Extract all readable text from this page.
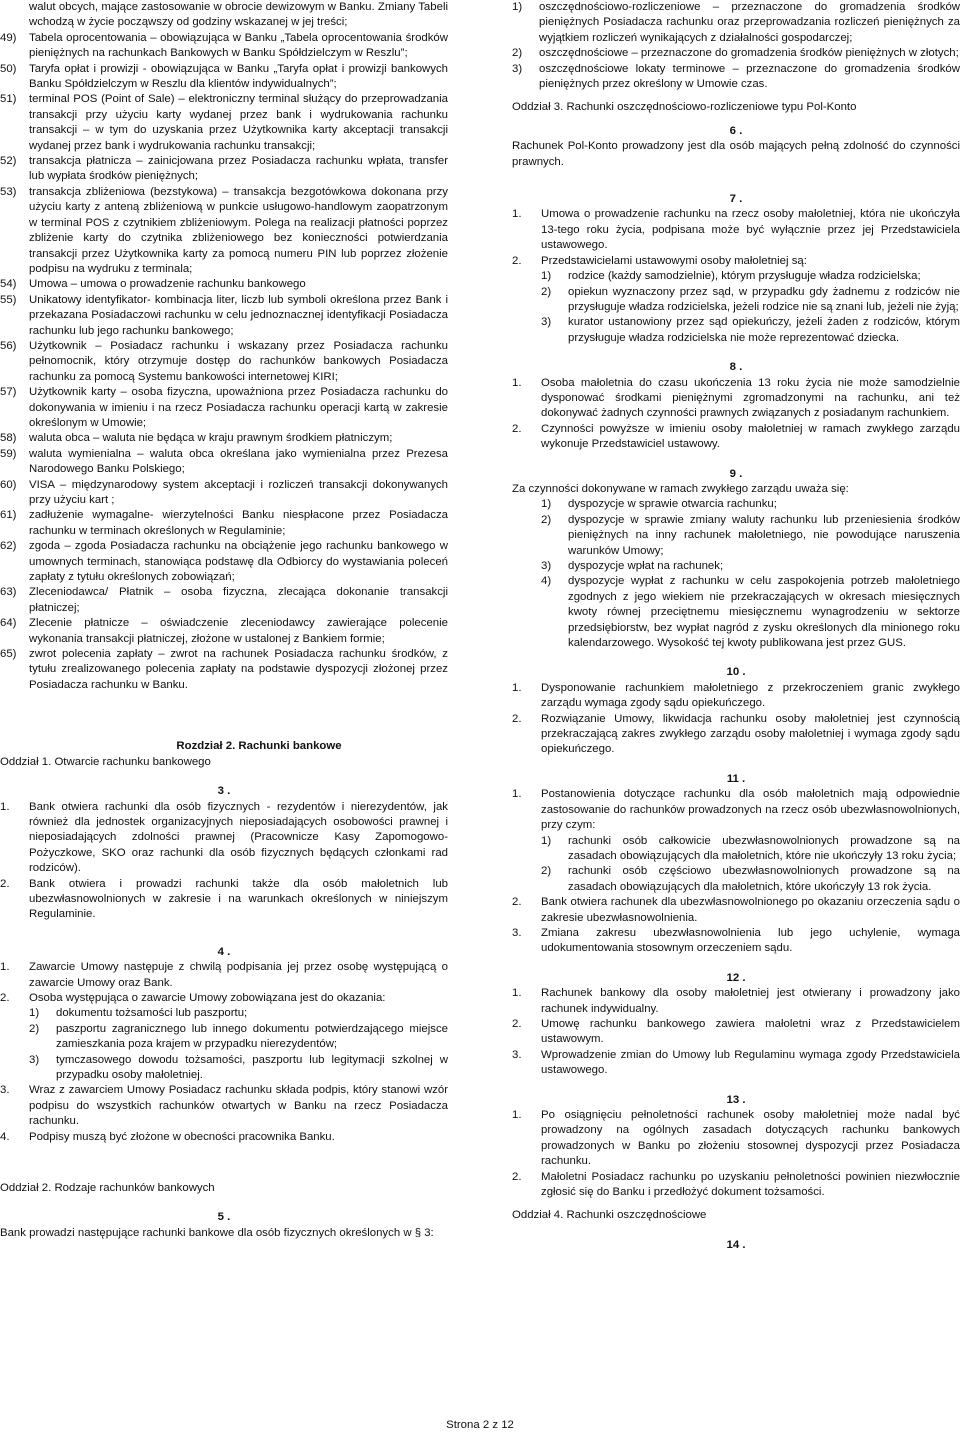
walut obcych, mające zastosowanie w obrocie dewizowym w Banku. Zmiany Tabeli wchodzą w życie począwszy od godziny wskazanej w jej treści;

49)	Tabela oprocentowania – obowiązująca w Banku „Tabela oprocentowania środków pieniężnych na rachunkach Bankowych w Banku Spółdzielczym w Reszlu”;
50)	Taryfa opłat i prowizji - obowiązująca w Banku „Taryfa opłat i prowizji bankowych Banku Spółdzielczym w Reszlu dla klientów indywidualnych”;
51)	terminal POS (Point of Sale) – elektroniczny terminal służący do przeprowadzania transakcji przy użyciu karty wydanej przez bank i wydrukowania rachunku transakcji – w tym do uzyskania przez Użytkownika karty akceptacji transakcji wydanej przez bank i wydrukowania rachunku transakcji;
52)	transakcja płatnicza – zainicjowana przez Posiadacza rachunku wpłata, transfer lub wypłata środków pieniężnych;
53)	transakcja zbliżeniowa (bezstykowa) – transakcja bezgotówkowa dokonana przy użyciu karty z anteną zbliżeniową w punkcie usługowo-handlowym zaopatrzonym w terminal POS z czytnikiem zbliżeniowym. Polega na realizacji płatności poprzez zbliżenie karty do czytnika zbliżeniowego bez konieczności potwierdzania transakcji przez Użytkownika karty za pomocą numeru PIN lub poprzez złożenie podpisu na wydruku z terminala;
54)	Umowa – umowa o prowadzenie rachunku bankowego
55)	Unikatowy identyfikator- kombinacja liter, liczb lub symboli określona przez Bank i przekazana Posiadaczowi rachunku w celu jednoznacznej identyfikacji Posiadacza rachunku lub jego rachunku bankowego;
56)	Użytkownik – Posiadacz rachunku i wskazany przez Posiadacza rachunku pełnomocnik, który otrzymuje dostęp do rachunków bankowych Posiadacza rachunku za pomocą Systemu bankowości internetowej KIRI;
57)	Użytkownik karty – osoba fizyczna, upoważniona przez Posiadacza rachunku do dokonywania w imieniu i na rzecz Posiadacza rachunku operacji kartą w zakresie określonym w Umowie;
58)	waluta obca – waluta nie będąca w kraju prawnym środkiem płatniczym;
59)	waluta wymienialna – waluta obca określana jako wymienialna przez Prezesa Narodowego Banku Polskiego;
60)	VISA – międzynarodowy system akceptacji i rozliczeń transakcji dokonywanych przy użyciu kart ;
61)	zadłużenie wymagalne- wierzytelności Banku niespłacone przez Posiadacza rachunku w terminach określonych w Regulaminie;
62)	zgoda – zgoda Posiadacza rachunku na obciążenie jego rachunku bankowego w umownych terminach, stanowiąca podstawę dla Odbiorcy do wystawiania poleceń zapłaty z tytułu określonych zobowiązań;
63)	Zleceniodawca/ Płatnik – osoba fizyczna, zlecająca dokonanie transakcji płatniczej;
64)	Zlecenie płatnicze – oświadczenie zleceniodawcy zawierające polecenie wykonania transakcji płatniczej, złożone w ustalonej z Bankiem formie;
65)	zwrot polecenia zapłaty – zwrot na rachunek Posiadacza rachunku środków, z tytułu zrealizowanego polecenia zapłaty na podstawie dyspozycji złożonej przez Posiadacza rachunku w Banku.

Rozdział 2. Rachunki bankowe

Oddział 1. Otwarcie rachunku bankowego

3 .

1.	Bank otwiera rachunki dla osób fizycznych - rezydentów i nierezydentów, jak również dla jednostek organizacyjnych nieposiadających osobowości prawnej i nieposiadających zdolności prawnej (Pracownicze Kasy Zapomogowo-Pożyczkowe, SKO oraz rachunki dla osób fizycznych będących członkami rad rodziców).
2.	Bank otwiera i prowadzi rachunki także dla osób małoletnich lub ubezwłasnowolnionych w zakresie i na warunkach określonych w niniejszym Regulaminie.

4 .

1.	Zawarcie Umowy następuje z chwilą podpisania jej przez osobę występującą o zawarcie Umowy oraz Bank.
2.	Osoba występująca o zawarcie Umowy zobowiązana jest do okazania:
1)	dokumentu tożsamości lub paszportu;
2)	paszportu zagranicznego lub innego dokumentu potwierdzającego miejsce zamieszkania poza krajem w przypadku nierezydentów;
3)	tymczasowego dowodu tożsamości, paszportu lub legitymacji szkolnej w przypadku osoby małoletniej.
3.	Wraz z zawarciem Umowy Posiadacz rachunku składa podpis, który stanowi wzór podpisu do wszystkich rachunków otwartych w Banku na rzecz Posiadacza rachunku.
4.	Podpisy muszą być złożone w obecności pracownika Banku.

Oddział 2. Rodzaje rachunków bankowych

5 .

Bank prowadzi następujące rachunki bankowe dla osób fizycznych określonych w § 3:

1)	oszczędnościowo-rozliczeniowe – przeznaczone do gromadzenia środków pieniężnych Posiadacza rachunku oraz przeprowadzania rozliczeń pieniężnych za wyjątkiem rozliczeń wynikających z działalności gospodarczej;
2)	oszczędnościowe – przeznaczone do gromadzenia środków pieniężnych w złotych;
3)	oszczędnościowe lokaty terminowe – przeznaczone do gromadzenia środków pieniężnych przez określony w Umowie czas.

Oddział 3. Rachunki oszczędnościowo-rozliczeniowe typu Pol-Konto

6 .

Rachunek Pol-Konto prowadzony jest dla osób mających pełną zdolność do czynności prawnych.

7 .

1.	Umowa o prowadzenie rachunku na rzecz osoby małoletniej, która nie ukończyła 13-tego roku życia, podpisana może być wyłącznie przez jej Przedstawiciela ustawowego.
2.	Przedstawicielami ustawowymi osoby małoletniej są:
1)	rodzice (każdy samodzielnie), którym przysługuje władza rodzicielska;
2)	opiekun wyznaczony przez sąd, w przypadku gdy żadnemu z rodziców nie przysługuje władza rodzicielska, jeżeli rodzice nie są znani lub, jeżeli nie żyją;
3)	kurator ustanowiony przez sąd opiekuńczy, jeżeli żaden z rodziców, którym przysługuje władza rodzicielska nie może reprezentować dziecka.

8 .

1.	Osoba małoletnia do czasu ukończenia 13 roku życia nie może samodzielnie dysponować środkami pieniężnymi zgromadzonymi na rachunku, ani też dokonywać żadnych czynności prawnych związanych z posiadanym rachunkiem.
2.	Czynności powyższe w imieniu osoby małoletniej w ramach zwykłego zarządu wykonuje Przedstawiciel ustawowy.

9 .

Za czynności dokonywane w ramach zwykłego zarządu uważa się:

1)	dyspozycje w sprawie otwarcia rachunku;
2)	dyspozycje w sprawie zmiany waluty rachunku lub przeniesienia środków pieniężnych na inny rachunek małoletniego, nie powodujące naruszenia warunków Umowy;
3)	dyspozycje wpłat na rachunek;
4)	dyspozycje wypłat z rachunku w celu zaspokojenia potrzeb małoletniego zgodnych z jego wiekiem nie przekraczających w okresach miesięcznych kwoty równej przeciętnemu miesięcznemu wynagrodzeniu w sektorze przedsiębiorstw, bez wypłat nagród z zysku określonych dla minionego roku kalendarzowego. Wysokość tej kwoty publikowana jest przez GUS.

10 .

1.	Dysponowanie rachunkiem małoletniego z przekroczeniem granic zwykłego zarządu wymaga zgody sądu opiekuńczego.
2.	Rozwiązanie Umowy, likwidacja rachunku osoby małoletniej jest czynnością przekraczającą zakres zwykłego zarządu osoby małoletniej i wymaga zgody sądu opiekuńczego.

11 .

1.	Postanowienia dotyczące rachunku dla osób małoletnich mają odpowiednie zastosowanie do rachunków prowadzonych na rzecz osób ubezwłasnowolnionych, przy czym:
1)	rachunki osób całkowicie ubezwłasnowolnionych prowadzone są na zasadach obowiązujących dla małoletnich, które nie ukończyły 13 roku życia;
2)	rachunki osób częściowo ubezwłasnowolnionych prowadzone są na zasadach obowiązujących dla małoletnich, które ukończyły 13 rok życia.
2.	Bank otwiera rachunek dla ubezwłasnowolnionego po okazaniu orzeczenia sądu o zakresie ubezwłasnowolnienia.
3.	Zmiana zakresu ubezwłasnowolnienia lub jego uchylenie, wymaga udokumentowania stosownym orzeczeniem sądu.

12 .

1.	Rachunek bankowy dla osoby małoletniej jest otwierany i prowadzony jako rachunek indywidualny.
2.	Umowę rachunku bankowego zawiera małoletni wraz z Przedstawicielem ustawowym.
3.	Wprowadzenie zmian do Umowy lub Regulaminu wymaga zgody Przedstawiciela ustawowego.

13 .

1.	Po osiągnięciu pełnoletności rachunek osoby małoletniej może nadal być prowadzony na ogólnych zasadach dotyczących rachunku bankowych prowadzonych w Banku po złożeniu stosownej dyspozycji przez Posiadacza rachunku.
2.	Małoletni Posiadacz rachunku po uzyskaniu pełnoletności powinien niezwłocznie zgłosić się do Banku i przedłożyć dokument tożsamości.

Oddział 4. Rachunki oszczędnościowe

14 .

Strona 2 z 12
